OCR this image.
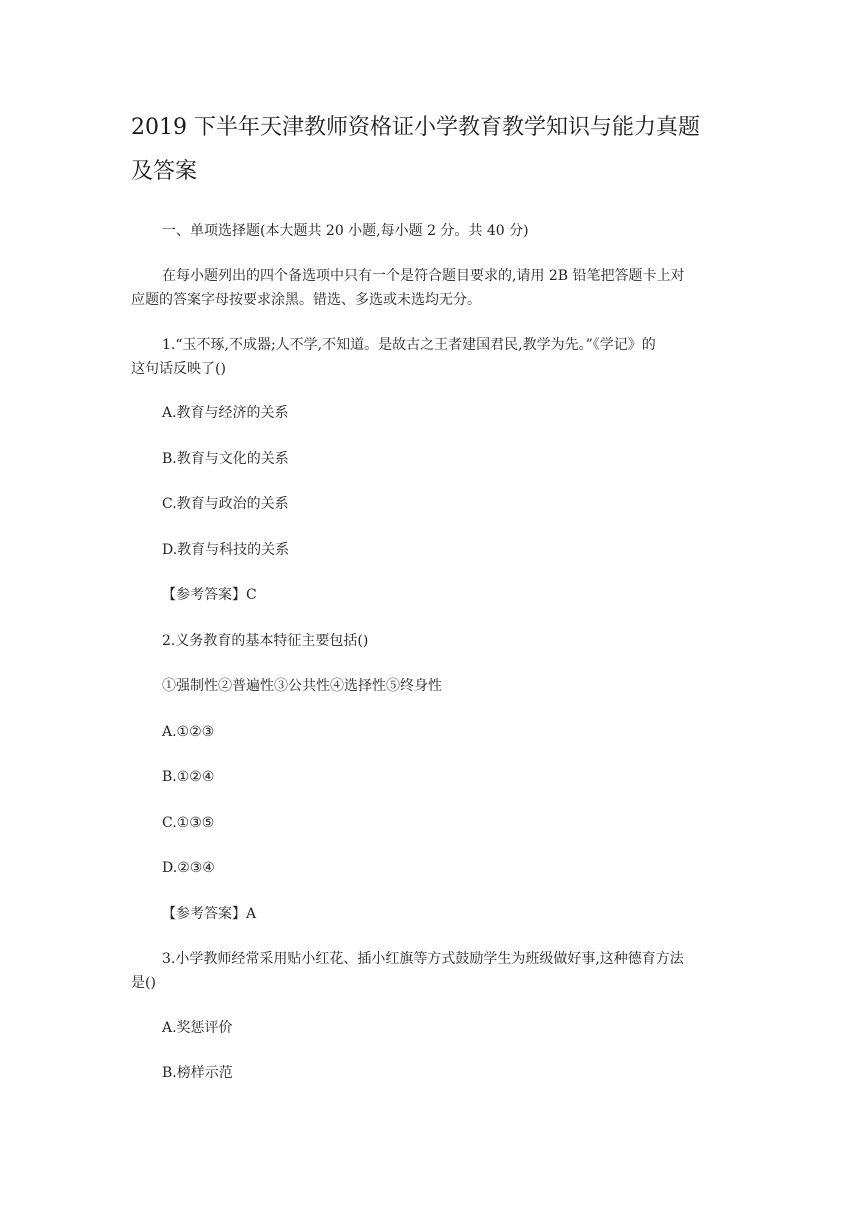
2019 下半年天津教师资格证小学教育教学知识与能力真题
及答案
一、单项选择题(本大题共 20 小题,每小题 2 分。共 40 分)
在每小题列出的四个备选项中只有一个是符合题目要求的,请用 2B 铅笔把答题卡上对
应题的答案字母按要求涂黑。错选、多选或未选均无分。
1.“玉不琢,不成器;人不学,不知道。是故古之王者建国君民,教学为先。”《学记》的
这句话反映了()
A.教育与经济的关系
B.教育与文化的关系
C.教育与政治的关系
D.教育与科技的关系
【参考答案】C
2.义务教育的基本特征主要包括()
①强制性②普遍性③公共性④选择性⑤终身性
A.①②③
B.①②④
C.①③⑤
D.②③④
【参考答案】A
3.小学教师经常采用贴小红花、插小红旗等方式鼓励学生为班级做好事,这种德育方法
是()
A.奖惩评价
B.榜样示范
